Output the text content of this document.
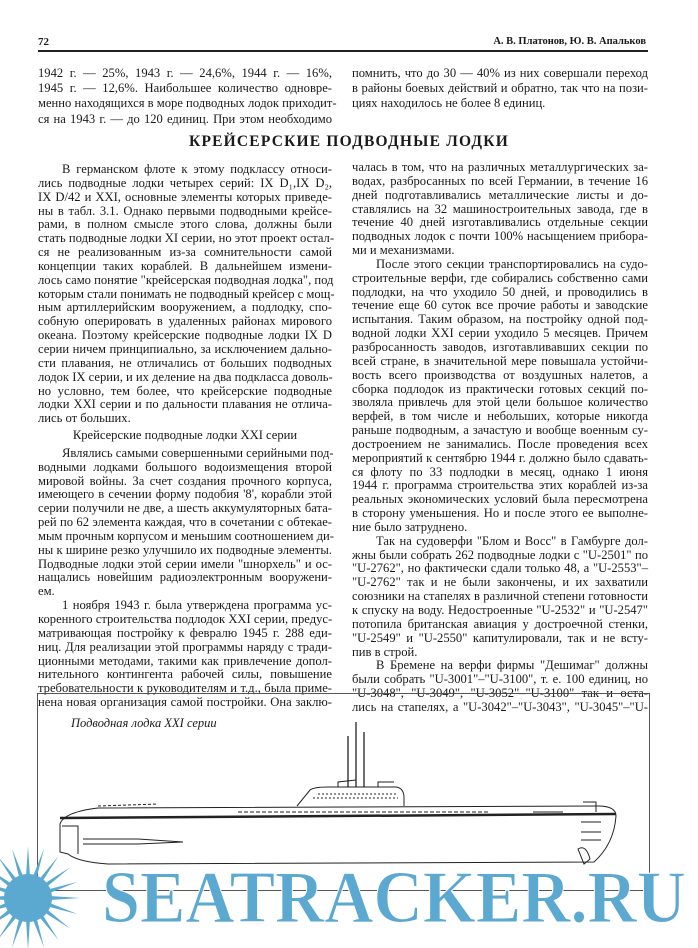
72	А. В. Платонов, Ю. В. Апальков
1942 г. — 25%, 1943 г. — 24,6%, 1944 г. — 16%,
1945 г. — 12,6%. Наибольшее количество одновре-
менно находящихся в море подводных лодок приходит-
ся на 1943 г. — до 120 единиц. При этом необходимо
помнить, что до 30 — 40% из них совершали переход
в районы боевых действий и обратно, так что на пози-
циях находилось не более 8 единиц.
КРЕЙСЕРСКИЕ ПОДВОДНЫЕ ЛОДКИ
В германском флоте к этому подклассу относи-
лись подводные лодки четырех серий: IX D₁,IX D₂,
IX D/42 и XXI, основные элементы которых приведе-
ны в табл. 3.1. Однако первыми подводными крейсе-
рами, в полном смысле этого слова, должны были
стать подводные лодки XI серии, но этот проект остал-
ся не реализованным из-за сомнительности самой
концепции таких кораблей. В дальнейшем измени-
лось само понятие "крейсерская подводная лодка", под
которым стали понимать не подводный крейсер с мощ-
ным артиллерийским вооружением, а подлодку, спо-
собную оперировать в удаленных районах мирового
океана. Поэтому крейсерские подводные лодки IX D
серии ничем принципиально, за исключением дально-
сти плавания, не отличались от больших подводных
лодок IX серии, и их деление на два подкласса доволь-
но условно, тем более, что крейсерские подводные
лодки XXI серии и по дальности плавания не отлича-
лись от больших.
Крейсерские подводные лодки XXI серии
Являлись самыми совершенными серийными под-
водными лодками большого водоизмещения второй
мировой войны. За счет создания прочного корпуса,
имеющего в сечении форму подобия '8', корабли этой
серии получили не две, а шесть аккумуляторных бата-
рей по 62 элемента каждая, что в сочетании с обтекае-
мым прочным корпусом и меньшим соотношением ди-
ны к ширине резко улучшило их подводные элементы.
Подводные лодки этой серии имели "шнорхель" и ос-
нащались новейшим радиоэлектронным вооружени-
ем.
1 ноября 1943 г. была утверждена программа ус-
коренного строительства подлодок XXI серии, предус-
матривающая постройку к февралю 1945 г. 288 еди-
ниц. Для реализации этой программы наряду с тради-
ционными методами, такими как привлечение допол-
нительного контингента рабочей силы, повышение
требовательности к руководителям и т.д., была приме-
нена новая организация самой постройки. Она заклю-
чалась в том, что на различных металлургических за-
водах, разбросанных по всей Германии, в течение 16
дней подготавливались металлические листы и до-
ставлялись на 32 машиностроительных завода, где в
течение 40 дней изготавливались отдельные секции
подводных лодок с почти 100% насыщением прибора-
ми и механизмами.
После этого секции транспортировались на судо-
строительные верфи, где собирались собственно сами
подлодки, на что уходило 50 дней, и проводились в
течение еще 60 суток все прочие работы и заводские
испытания. Таким образом, на постройку одной под-
водной лодки XXI серии уходило 5 месяцев. Причем
разбросанность заводов, изготавливавших секции по
всей стране, в значительной мере повышала устойчи-
вость всего производства от воздушных налетов, а
сборка подлодок из практически готовых секций по-
зволяла привлечь для этой цели большое количество
верфей, в том числе и небольших, которые никогда
раньше подводным, а зачастую и вообще военным су-
достроением не занимались. После проведения всех
мероприятий к сентябрю 1944 г. должно было сдавать-
ся флоту по 33 подлодки в месяц, однако 1 июня
1944 г. программа строительства этих кораблей из-за
реальных экономических условий была пересмотрена
в сторону уменьшения. Но и после этого ее выполне-
ние было затруднено.
Так на судоверфи "Блом и Восс" в Гамбурге дол-
жны были собрать 262 подводные лодки с "U-2501" по
"U-2762", но фактически сдали только 48, а "U-2553"–
"U-2762" так и не были закончены, и их захватили
союзники на стапелях в различной степени готовности
к спуску на воду. Недостроенные "U-2532" и "U-2547"
потопила британская авиация у достроечной стенки,
"U-2549" и "U-2550" капитулировали, так и не всту-
пив в строй.
В Бремене на верфи фирмы "Дешимаг" должны
были собрать "U-3001"–"U-3100", т. е. 100 единиц, но
"U-3048", "U-3049", "U-3052"–"U-3100" так и оста-
лись на стапелях, а "U-3042"–"U-3043", "U-3045"–"U-
Подводная лодка XXI серии
SEATRACKER.RU
